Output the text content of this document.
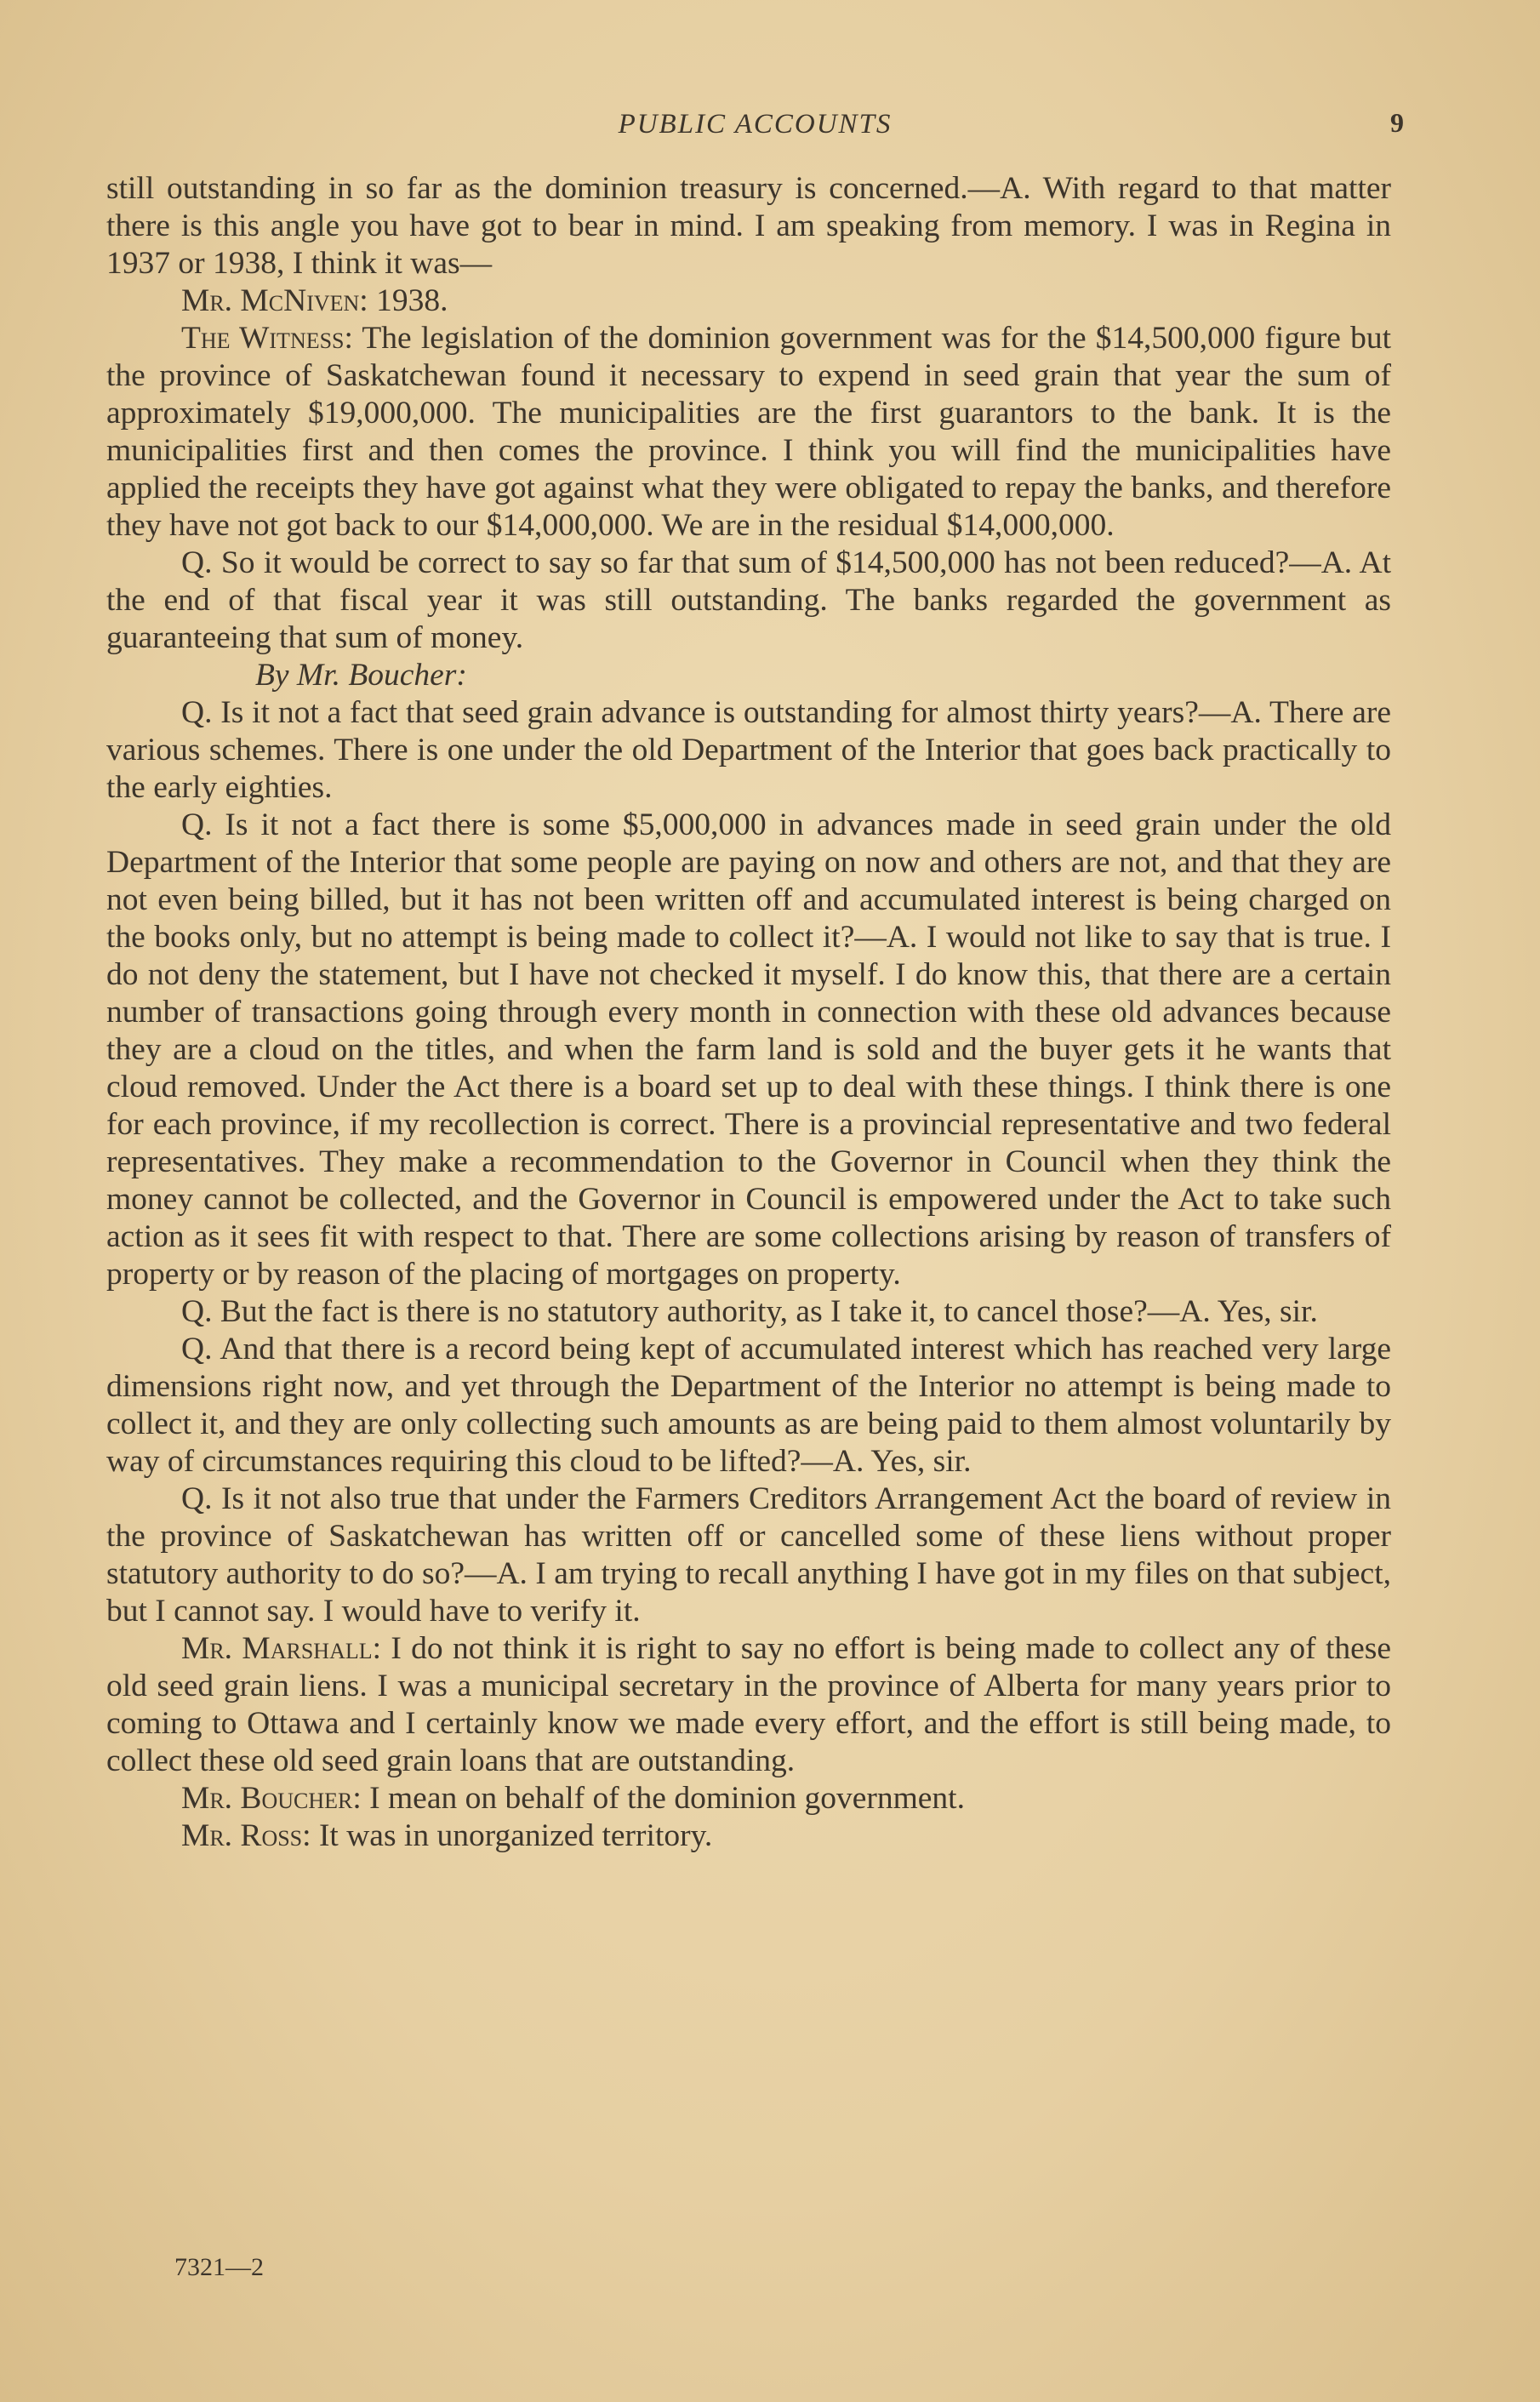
PUBLIC ACCOUNTS	9

still outstanding in so far as the dominion treasury is concerned.—A. With regard to that matter there is this angle you have got to bear in mind. I am speaking from memory. I was in Regina in 1937 or 1938, I think it was—

Mr. McNiven: 1938.

The Witness: The legislation of the dominion government was for the $14,500,000 figure but the province of Saskatchewan found it necessary to expend in seed grain that year the sum of approximately $19,000,000. The municipalities are the first guarantors to the bank. It is the municipalities first and then comes the province. I think you will find the municipalities have applied the receipts they have got against what they were obligated to repay the banks, and therefore they have not got back to our $14,000,000. We are in the residual $14,000,000.

Q. So it would be correct to say so far that sum of $14,500,000 has not been reduced?—A. At the end of that fiscal year it was still outstanding. The banks regarded the government as guaranteeing that sum of money.

By Mr. Boucher:

Q. Is it not a fact that seed grain advance is outstanding for almost thirty years?—A. There are various schemes. There is one under the old Department of the Interior that goes back practically to the early eighties.

Q. Is it not a fact there is some $5,000,000 in advances made in seed grain under the old Department of the Interior that some people are paying on now and others are not, and that they are not even being billed, but it has not been written off and accumulated interest is being charged on the books only, but no attempt is being made to collect it?—A. I would not like to say that is true. I do not deny the statement, but I have not checked it myself. I do know this, that there are a certain number of transactions going through every month in connection with these old advances because they are a cloud on the titles, and when the farm land is sold and the buyer gets it he wants that cloud removed. Under the Act there is a board set up to deal with these things. I think there is one for each province, if my recollection is correct. There is a provincial representative and two federal representatives. They make a recommendation to the Governor in Council when they think the money cannot be collected, and the Governor in Council is empowered under the Act to take such action as it sees fit with respect to that. There are some collections arising by reason of transfers of property or by reason of the placing of mortgages on property.

Q. But the fact is there is no statutory authority, as I take it, to cancel those?—A. Yes, sir.

Q. And that there is a record being kept of accumulated interest which has reached very large dimensions right now, and yet through the Department of the Interior no attempt is being made to collect it, and they are only collecting such amounts as are being paid to them almost voluntarily by way of circumstances requiring this cloud to be lifted?—A. Yes, sir.

Q. Is it not also true that under the Farmers Creditors Arrangement Act the board of review in the province of Saskatchewan has written off or cancelled some of these liens without proper statutory authority to do so?—A. I am trying to recall anything I have got in my files on that subject, but I cannot say. I would have to verify it.

Mr. Marshall: I do not think it is right to say no effort is being made to collect any of these old seed grain liens. I was a municipal secretary in the province of Alberta for many years prior to coming to Ottawa and I certainly know we made every effort, and the effort is still being made, to collect these old seed grain loans that are outstanding.

Mr. Boucher: I mean on behalf of the dominion government.

Mr. Ross: It was in unorganized territory.

7321—2
